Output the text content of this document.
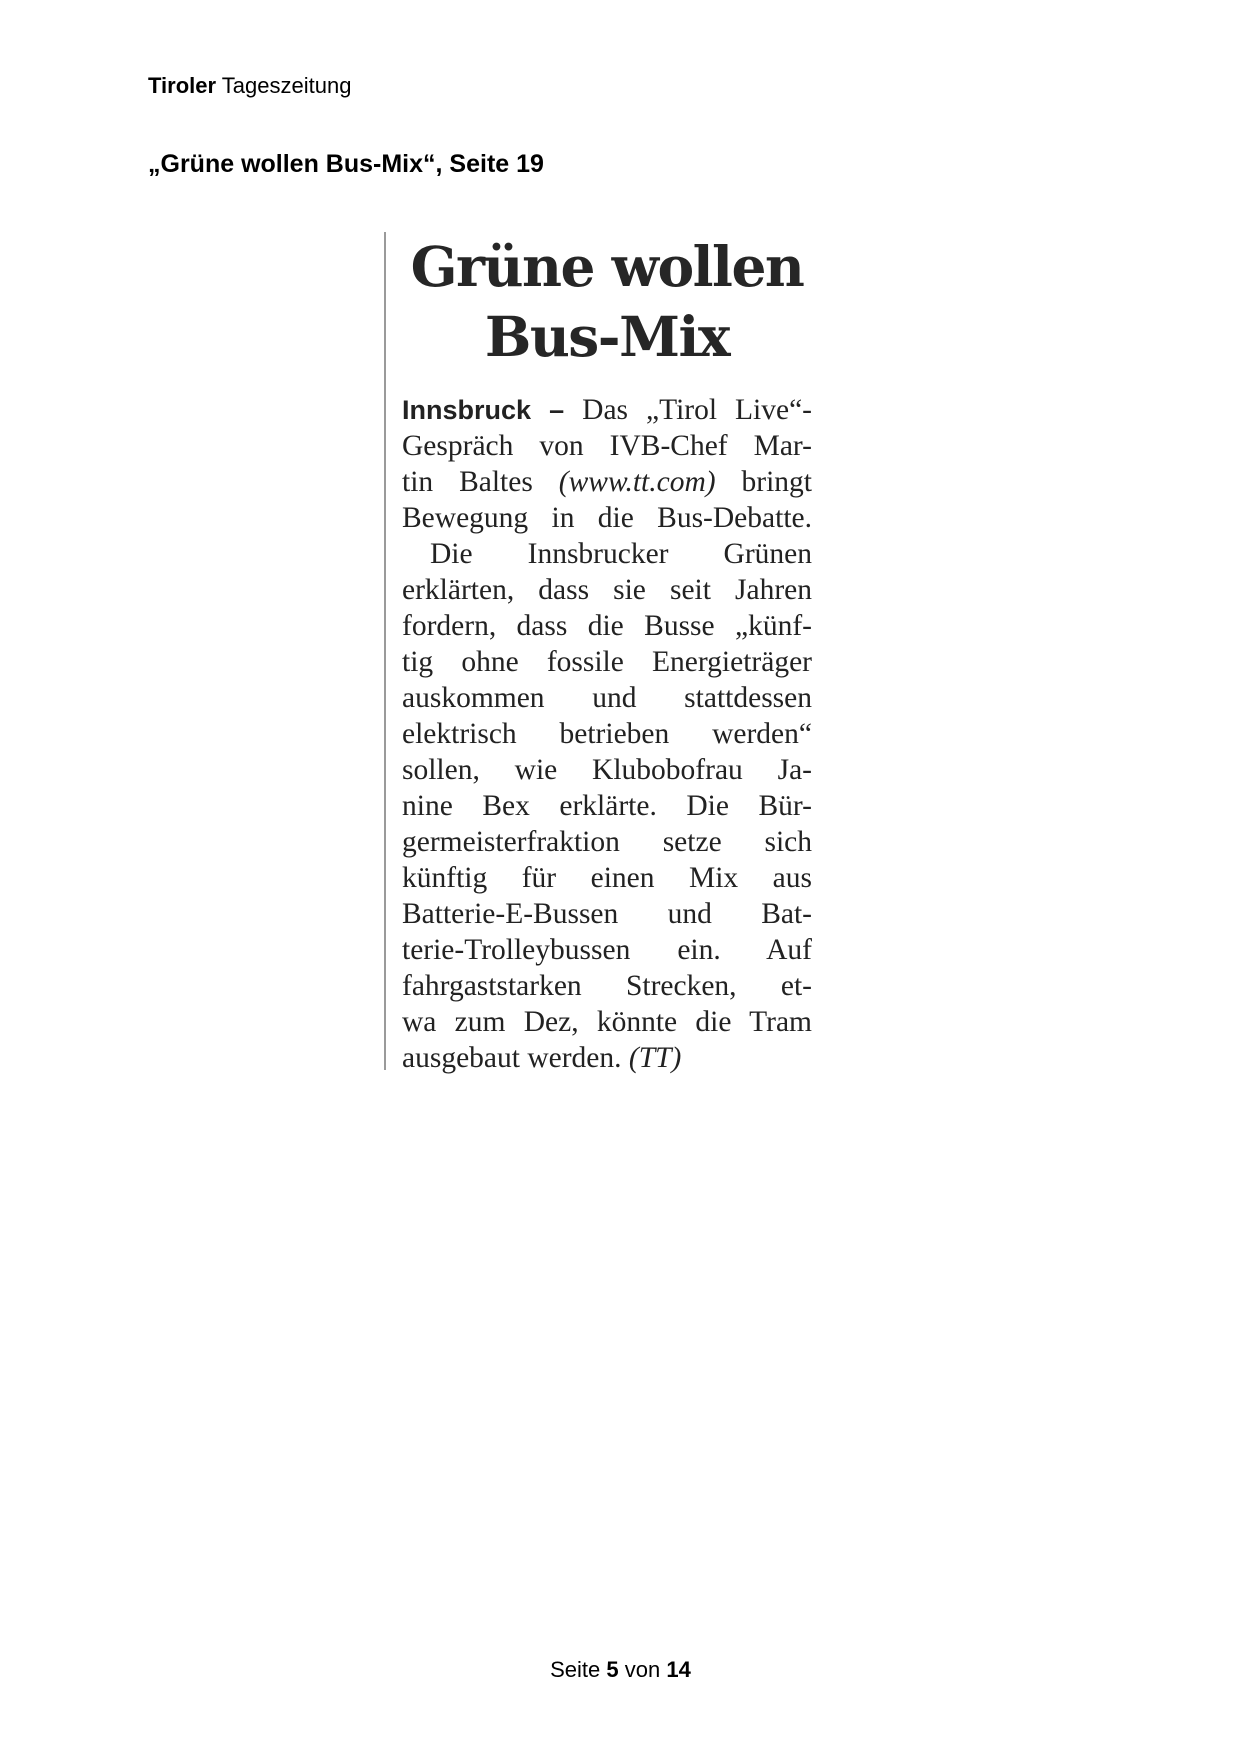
Tiroler Tageszeitung
„Grüne wollen Bus-Mix“, Seite 19
Grüne wollen
Bus-Mix
Innsbruck – Das „Tirol Live“-
Gespräch von IVB-Chef Mar-
tin Baltes (www.tt.com) bringt
Bewegung in die Bus-Debatte.
Die Innsbrucker Grünen
erklärten, dass sie seit Jahren
fordern, dass die Busse „künf-
tig ohne fossile Energieträger
auskommen und stattdessen
elektrisch betrieben werden“
sollen, wie Klubobofrau Ja-
nine Bex erklärte. Die Bür-
germeisterfraktion setze sich
künftig für einen Mix aus
Batterie-E-Bussen und Bat-
terie-Trolleybussen ein. Auf
fahrgaststarken Strecken, et-
wa zum Dez, könnte die Tram
ausgebaut werden. (TT)
Seite 5 von 14
